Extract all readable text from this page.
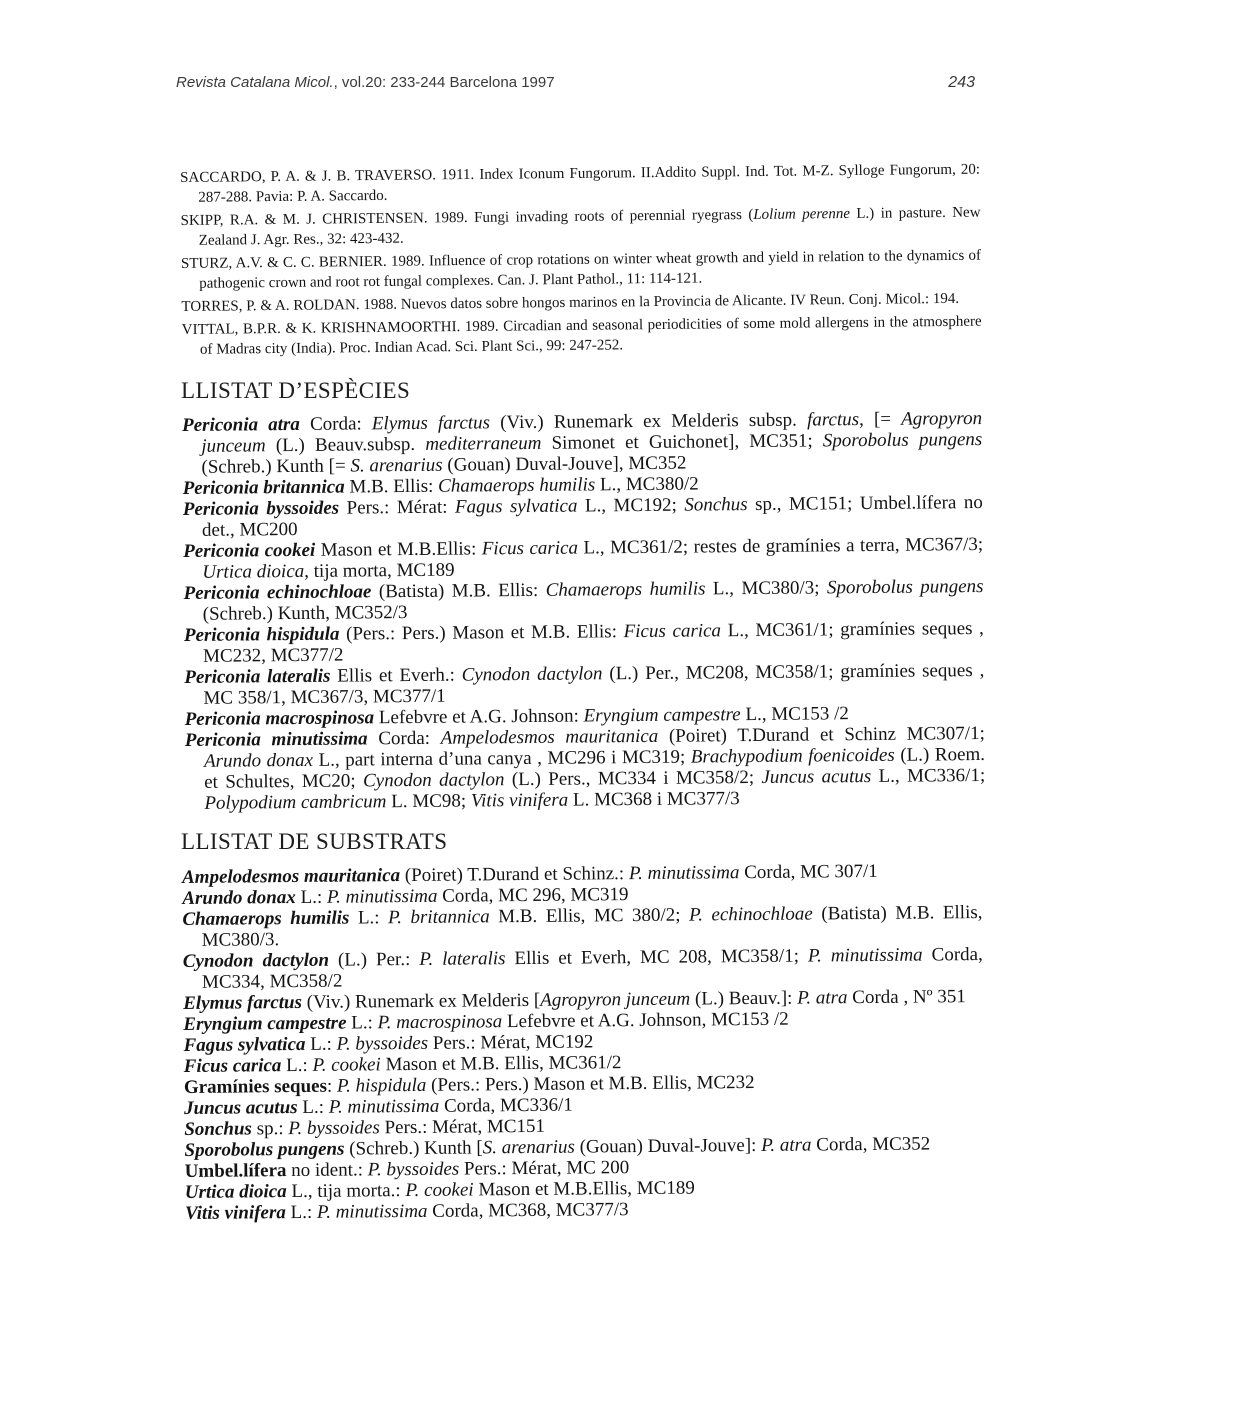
Revista Catalana Micol., vol.20: 233-244 Barcelona 1997	243

SACCARDO, P. A. & J. B. TRAVERSO. 1911. Index Iconum Fungorum. II.Addito Suppl. Ind. Tot. M-Z. Sylloge Fungorum, 20: 287-288. Pavia: P. A. Saccardo.

SKIPP, R.A. & M. J. CHRISTENSEN. 1989. Fungi invading roots of perennial ryegrass (Lolium perenne L.) in pasture. New Zealand J. Agr. Res., 32: 423-432.

STURZ, A.V. & C. C. BERNIER. 1989. Influence of crop rotations on winter wheat growth and yield in relation to the dynamics of pathogenic crown and root rot fungal complexes. Can. J. Plant Pathol., 11: 114-121.

TORRES, P. & A. ROLDAN. 1988. Nuevos datos sobre hongos marinos en la Provincia de Alicante. IV Reun. Conj. Micol.: 194.

VITTAL, B.P.R. & K. KRISHNAMOORTHI. 1989. Circadian and seasonal periodicities of some mold allergens in the atmosphere of Madras city (India). Proc. Indian Acad. Sci. Plant Sci., 99: 247-252.

LLISTAT D’ESPÈCIES

Periconia atra Corda: Elymus farctus (Viv.) Runemark ex Melderis subsp. farctus, [= Agropyron junceum (L.) Beauv.subsp. mediterraneum Simonet et Guichonet], MC351; Sporobolus pungens (Schreb.) Kunth [= S. arenarius (Gouan) Duval-Jouve], MC352

Periconia britannica M.B. Ellis: Chamaerops humilis L., MC380/2

Periconia byssoides Pers.: Mérat: Fagus sylvatica L., MC192; Sonchus sp., MC151; Umbel.lífera no det., MC200

Periconia cookei Mason et M.B.Ellis: Ficus carica L., MC361/2; restes de gramínies a terra, MC367/3; Urtica dioica, tija morta, MC189

Periconia echinochloae (Batista) M.B. Ellis: Chamaerops humilis L., MC380/3; Sporobolus pungens (Schreb.) Kunth, MC352/3

Periconia hispidula (Pers.: Pers.) Mason et M.B. Ellis: Ficus carica L., MC361/1; gramínies seques , MC232, MC377/2

Periconia lateralis Ellis et Everh.: Cynodon dactylon (L.) Per., MC208, MC358/1; gramínies seques , MC 358/1, MC367/3, MC377/1

Periconia macrospinosa Lefebvre et A.G. Johnson: Eryngium campestre L., MC153 /2

Periconia minutissima Corda: Ampelodesmos mauritanica (Poiret) T.Durand et Schinz MC307/1; Arundo donax L., part interna d’una canya , MC296 i MC319; Brachypodium foenicoides (L.) Roem. et Schultes, MC20; Cynodon dactylon (L.) Pers., MC334 i MC358/2; Juncus acutus L., MC336/1; Polypodium cambricum L. MC98; Vitis vinifera L. MC368 i MC377/3

LLISTAT DE SUBSTRATS

Ampelodesmos mauritanica (Poiret) T.Durand et Schinz.: P. minutissima Corda, MC 307/1

Arundo donax L.: P. minutissima Corda, MC 296, MC319

Chamaerops humilis L.: P. britannica M.B. Ellis, MC 380/2; P. echinochloae (Batista) M.B. Ellis, MC380/3.

Cynodon dactylon (L.) Per.: P. lateralis Ellis et Everh, MC 208, MC358/1; P. minutissima Corda, MC334, MC358/2

Elymus farctus (Viv.) Runemark ex Melderis [Agropyron junceum (L.) Beauv.]: P. atra Corda , Nº 351

Eryngium campestre L.: P. macrospinosa Lefebvre et A.G. Johnson, MC153 /2

Fagus sylvatica L.: P. byssoides Pers.: Mérat, MC192

Ficus carica L.: P. cookei Mason et M.B. Ellis, MC361/2

Gramínies seques: P. hispidula (Pers.: Pers.) Mason et M.B. Ellis, MC232

Juncus acutus L.: P. minutissima Corda, MC336/1

Sonchus sp.: P. byssoides Pers.: Mérat, MC151

Sporobolus pungens (Schreb.) Kunth [S. arenarius (Gouan) Duval-Jouve]: P. atra Corda, MC352

Umbel.lífera no ident.: P. byssoides Pers.: Mérat, MC 200

Urtica dioica L., tija morta.: P. cookei Mason et M.B.Ellis, MC189

Vitis vinifera L.: P. minutissima Corda, MC368, MC377/3
